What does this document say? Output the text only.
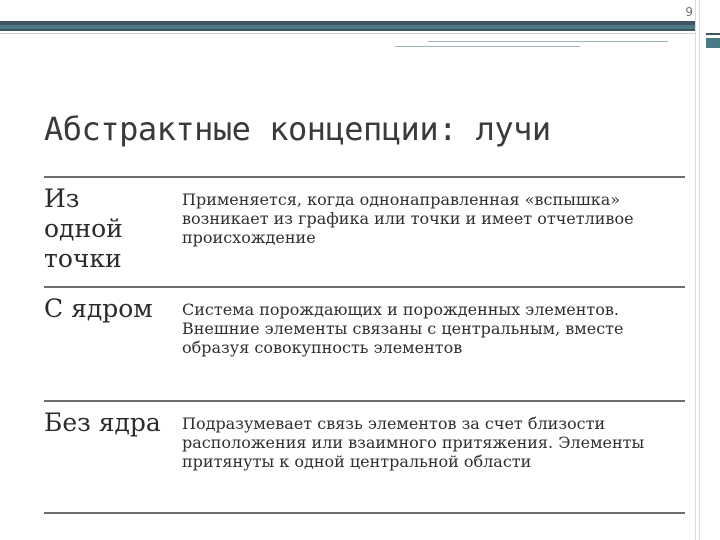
9
Абстрактные концепции: лучи
Из одной точки
Применяется, когда однонаправленная «вспышка» возникает из графика или точки и имеет отчетливое происхождение
С ядром	Система порождающих и порожденных элементов. Внешние элементы связаны с центральным, вместе образуя совокупность элементов
Без ядра Подразумевает связь элементов за счет близости расположения или взаимного притяжения. Элементы притянуты к одной центральной области
